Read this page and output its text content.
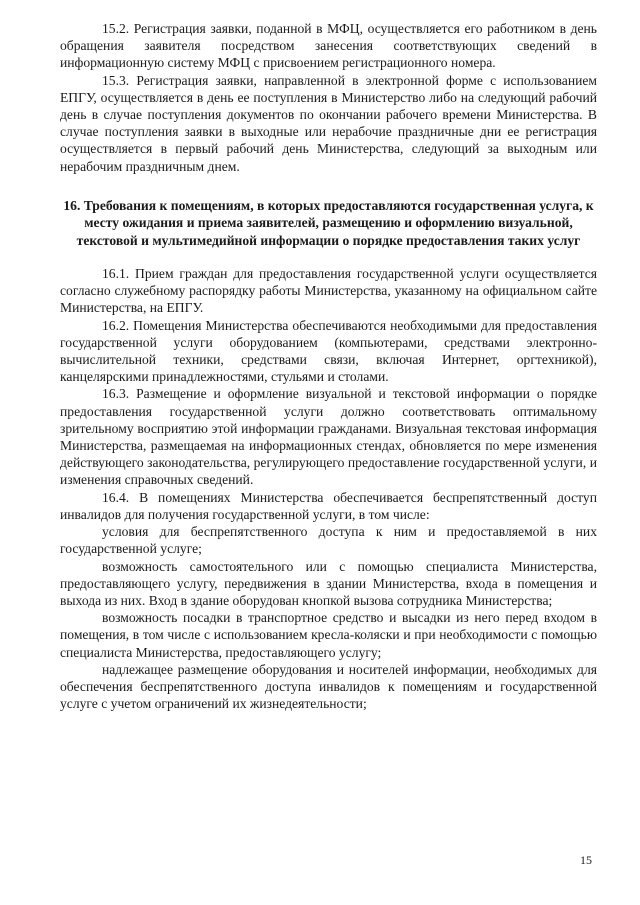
15.2. Регистрация заявки, поданной в МФЦ, осуществляется его работником в день обращения заявителя посредством занесения соответствующих сведений в информационную систему МФЦ с присвоением регистрационного номера.

15.3. Регистрация заявки, направленной в электронной форме с использованием ЕПГУ, осуществляется в день ее поступления в Министерство либо на следующий рабочий день в случае поступления документов по окончании рабочего времени Министерства. В случае поступления заявки в выходные или нерабочие праздничные дни ее регистрация осуществляется в первый рабочий день Министерства, следующий за выходным или нерабочим праздничным днем.

16. Требования к помещениям, в которых предоставляются государственная услуга, к месту ожидания и приема заявителей, размещению и оформлению визуальной, текстовой и мультимедийной информации о порядке предоставления таких услуг

16.1. Прием граждан для предоставления государственной услуги осуществляется согласно служебному распорядку работы Министерства, указанному на официальном сайте Министерства, на ЕПГУ.

16.2. Помещения Министерства обеспечиваются необходимыми для предоставления государственной услуги оборудованием (компьютерами, средствами электронно-вычислительной техники, средствами связи, включая Интернет, оргтехникой), канцелярскими принадлежностями, стульями и столами.

16.3. Размещение и оформление визуальной и текстовой информации о порядке предоставления государственной услуги должно соответствовать оптимальному зрительному восприятию этой информации гражданами. Визуальная текстовая информация Министерства, размещаемая на информационных стендах, обновляется по мере изменения действующего законодательства, регулирующего предоставление государственной услуги, и изменения справочных сведений.

16.4. В помещениях Министерства обеспечивается беспрепятственный доступ инвалидов для получения государственной услуги, в том числе:

условия для беспрепятственного доступа к ним и предоставляемой в них государственной услуге;

возможность самостоятельного или с помощью специалиста Министерства, предоставляющего услугу, передвижения в здании Министерства, входа в помещения и выхода из них. Вход в здание оборудован кнопкой вызова сотрудника Министерства;

возможность посадки в транспортное средство и высадки из него перед входом в помещения, в том числе с использованием кресла-коляски и при необходимости с помощью специалиста Министерства, предоставляющего услугу;

надлежащее размещение оборудования и носителей информации, необходимых для обеспечения беспрепятственного доступа инвалидов к помещениям и государственной услуге с учетом ограничений их жизнедеятельности;

15
